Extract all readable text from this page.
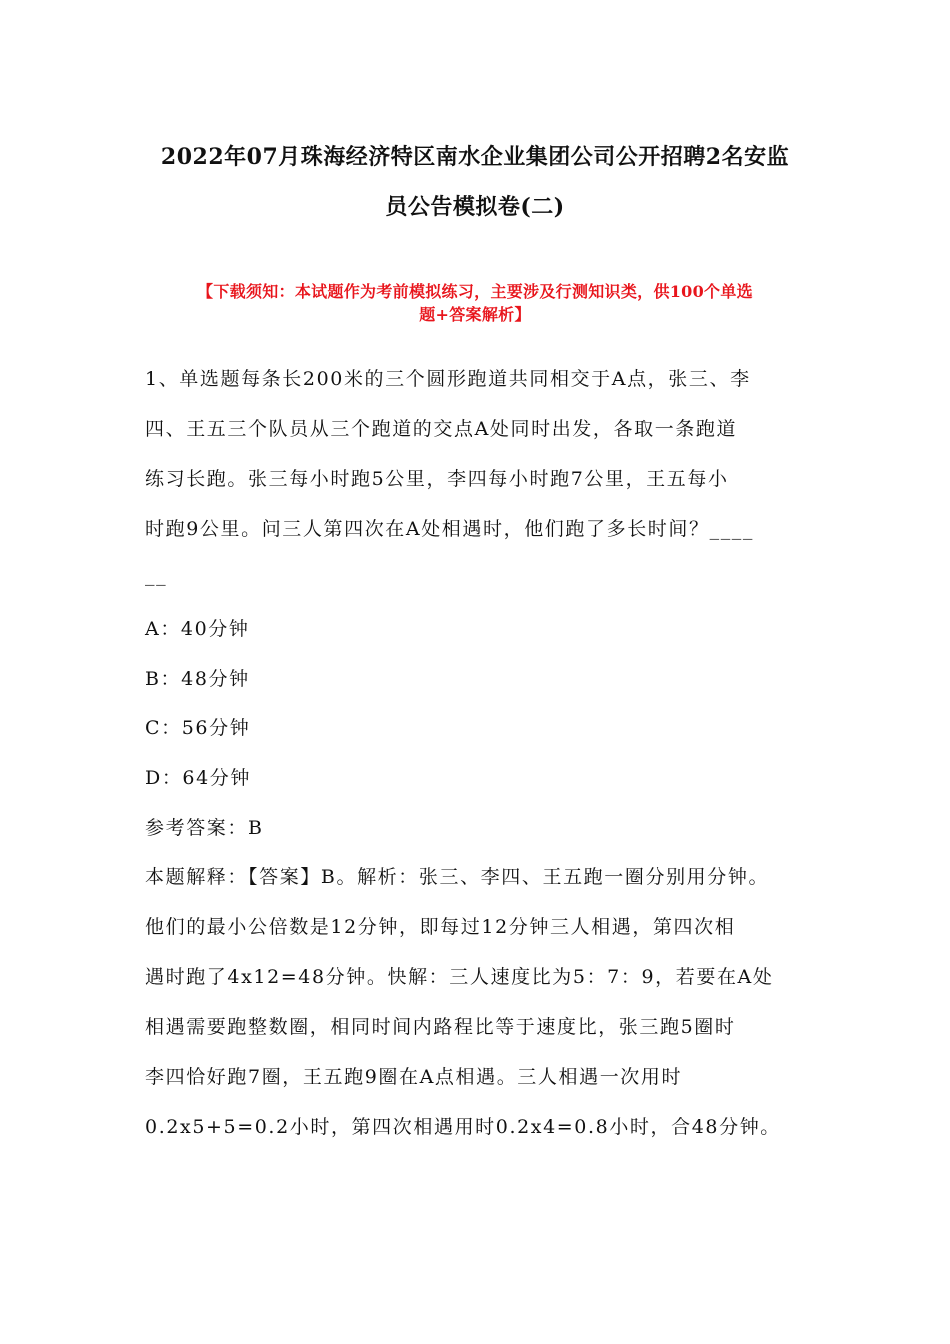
2022年07月珠海经济特区南水企业集团公司公开招聘2名安监
员公告模拟卷(二)
【下载须知：本试题作为考前模拟练习，主要涉及行测知识类，供100个单选
题+答案解析】
1、单选题每条长200米的三个圆形跑道共同相交于A点，张三、李
四、王五三个队员从三个跑道的交点A处同时出发，各取一条跑道
练习长跑。张三每小时跑5公里，李四每小时跑7公里，王五每小
时跑9公里。问三人第四次在A处相遇时，他们跑了多长时间？____
__
A：40分钟
B：48分钟
C：56分钟
D：64分钟
参考答案：B
本题解释：【答案】B。解析：张三、李四、王五跑一圈分别用分钟。
他们的最小公倍数是12分钟，即每过12分钟三人相遇，第四次相
遇时跑了4x12=48分钟。快解：三人速度比为5：7：9，若要在A处
相遇需要跑整数圈，相同时间内路程比等于速度比，张三跑5圈时
李四恰好跑7圈，王五跑9圈在A点相遇。三人相遇一次用时
0.2x5+5=0.2小时，第四次相遇用时0.2x4=0.8小时，合48分钟。
